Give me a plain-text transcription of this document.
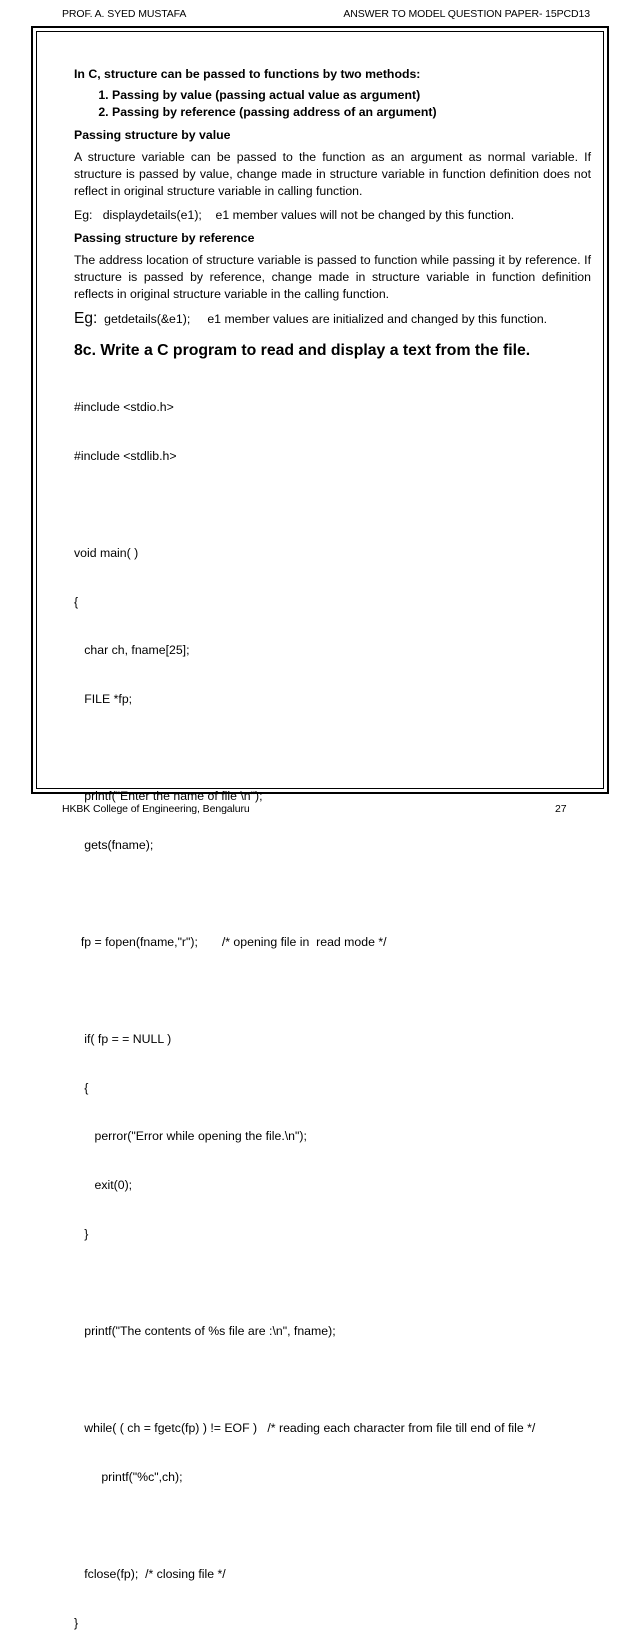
PROF. A. SYED MUSTAFA	ANSWER TO MODEL QUESTION PAPER- 15PCD13

In C, structure can be passed to functions by two methods:

1. Passing by value (passing actual value as argument)
2. Passing by reference (passing address of an argument)

Passing structure by value

A structure variable can be passed to the function as an argument as normal variable. If structure is passed by value, change made in structure variable in function definition does not reflect in original structure variable in calling function.

Eg: displaydetails(e1); e1 member values will not be changed by this function.

Passing structure by reference

The address location of structure variable is passed to function while passing it by reference. If structure is passed by reference, change made in structure variable in function definition reflects in original structure variable in the calling function.

Eg: getdetails(&e1); e1 member values are initialized and changed by this function.

8c. Write a C program to read and display a text from the file.

#include <stdio.h>

#include <stdlib.h>

void main( )

{

char ch, fname[25];

FILE *fp;

printf("Enter the name of file \n");

gets(fname);

fp = fopen(fname,"r");       /* opening file in  read mode */

if( fp = = NULL )

{

perror("Error while opening the file.\n");

exit(0);

}

printf("The contents of %s file are :\n", fname);

while( ( ch = fgetc(fp) ) != EOF )   /* reading each character from file till end of file */

printf("%c",ch);

fclose(fp);  /* closing file */

}

HKBK College of Engineering, Bengaluru	27
